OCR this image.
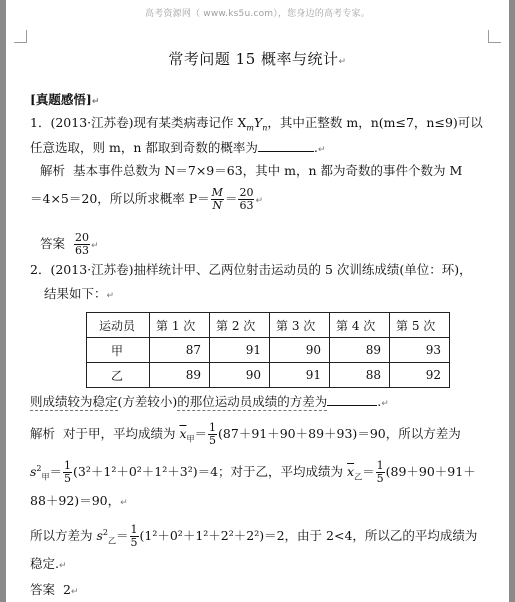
高考资源网（ www.ks5u.com），您身边的高考专家。
常考问题 15 概率与统计↵
[真题感悟]↵
1．(2013·江苏卷)现有某类病毒记作 $X_mY_n$，其中正整数 m，n(m≤7，n≤9)可以
任意选取，则 m，n 都取到奇数的概率为	.↵
解析 基本事件总数为 N＝7×9＝63，其中 m，n 都为奇数的事件个数为 M
＝4×5＝20，所以所求概率 $P= \frac{M}{N} = \frac{20}{63}$ ↵
答案 $\frac{20}{63}$ ↵
2．(2013·江苏卷)抽样统计甲、乙两位射击运动员的 5 次训练成绩(单位：环)，
结果如下：↵
运动员	第 1 次	第 2 次	第 3 次	第 4 次	第 5 次
甲	87	91	90	89	93
乙	89	90	91	88	92
则成绩较为稳定(方差较小)的那位运动员成绩的方差为	.↵
解析 对于甲，平均成绩为 $\overline{x}_甲= \frac{1}{5} (87+91+90+89+93)=90$，所以方差为
$s^2_甲= \frac{1}{5} (3^2+1^2+0^2+1^2+3^2)=4$；对于乙，平均成绩为 $\overline{x}_乙= \frac{1}{5} (89+90+91+$
88＋92)＝90，↵
所以方差为 $s^2_乙= \frac{1}{5} (1^2+0^2+1^2+2^2+2^2)=2$，由于 2<4，所以乙的平均成绩为
稳定.↵
答案 2↵
